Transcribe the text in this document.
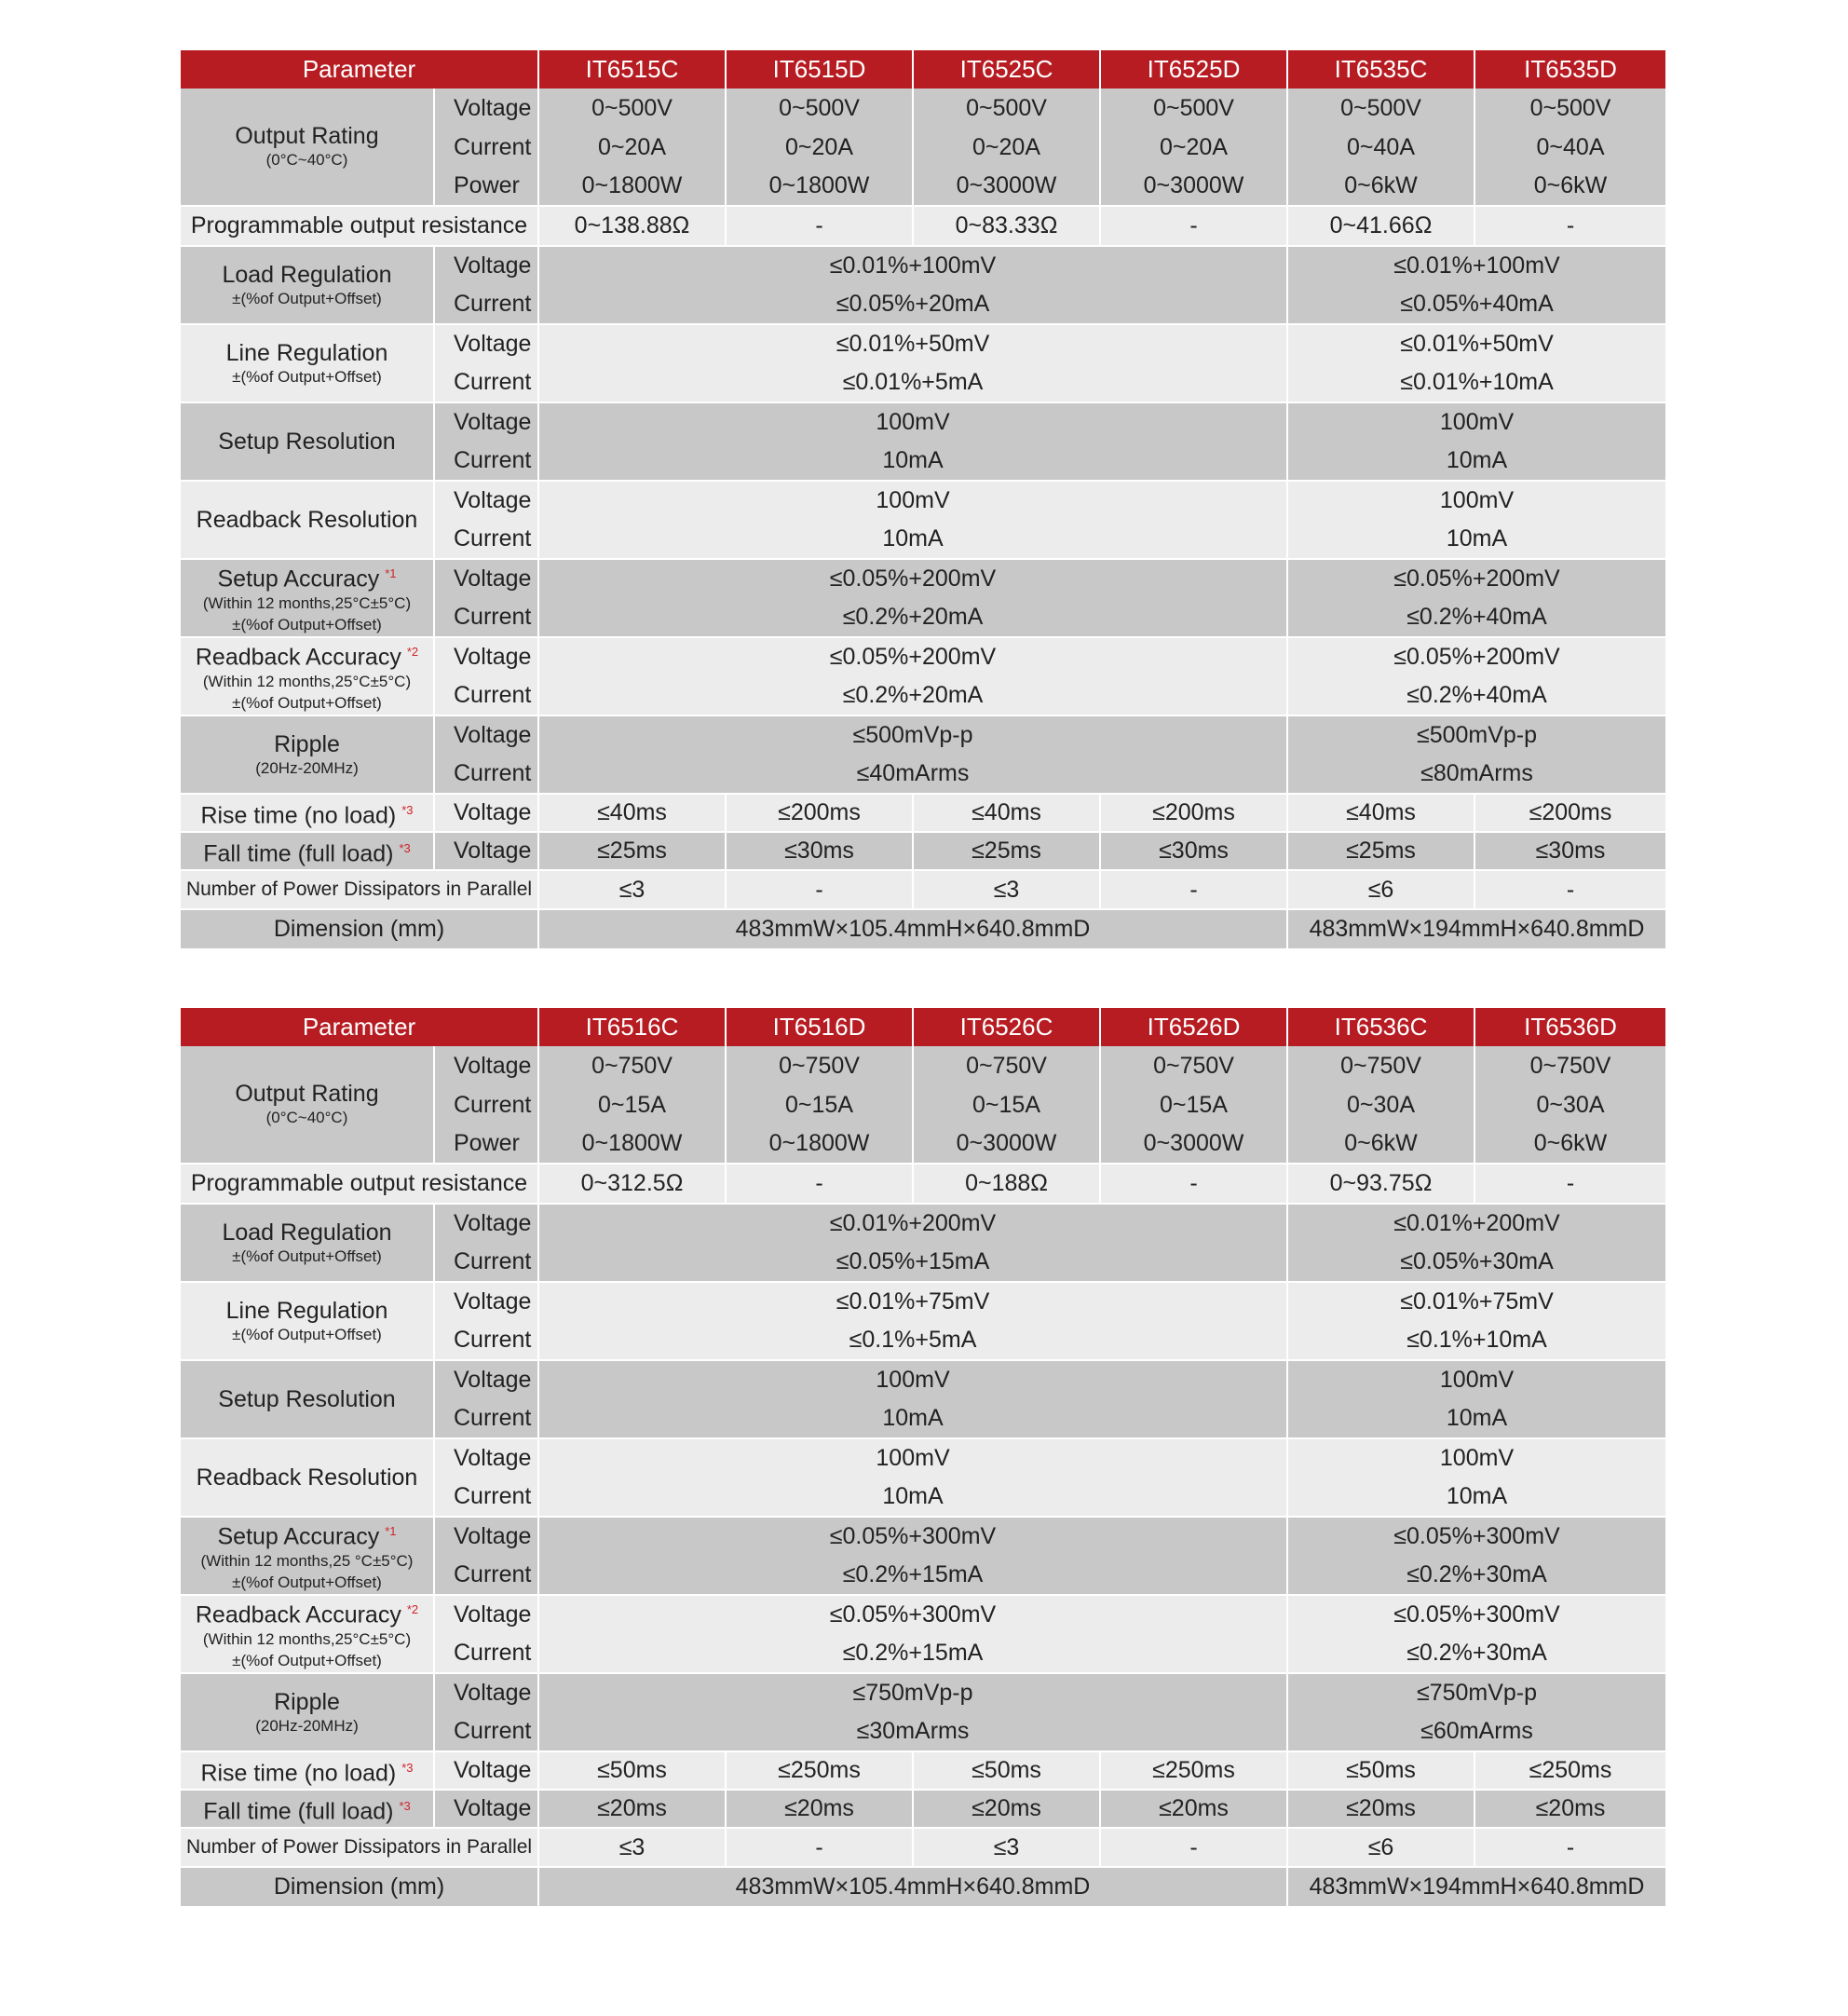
Parameter		IT6515C	IT6515D	IT6525C	IT6525D	IT6535C	IT6535D

Output Rating
(0°C~40°C)	Voltage	0~500V	0~500V	0~500V	0~500V	0~500V	0~500V
	Current	0~20A	0~20A	0~20A	0~20A	0~40A	0~40A
	Power	0~1800W	0~1800W	0~3000W	0~3000W	0~6kW	0~6kW
Programmable output resistance		0~138.88Ω	-	0~83.33Ω	-	0~41.66Ω	-

Load Regulation
±(%of Output+Offset)	Voltage	≤0.01%+100mV				≤0.01%+100mV	
	Current	≤0.05%+20mA				≤0.05%+40mA	

Line Regulation
±(%of Output+Offset)	Voltage	≤0.01%+50mV				≤0.01%+50mV	
	Current	≤0.01%+5mA				≤0.01%+10mA	

Setup Resolution	Voltage	100mV				100mV	
	Current	10mA				10mA	

Readback Resolution	Voltage	100mV				100mV	
	Current	10mA				10mA	

Setup Accuracy $^{*1}$
(Within 12 months,25°C±5°C)
±(%of Output+Offset)	Voltage	≤0.05%+200mV				≤0.05%+200mV	
	Current	≤0.2%+20mA				≤0.2%+40mA	

Readback Accuracy $^{*2}$
(Within 12 months,25°C±5°C)
±(%of Output+Offset)	Voltage	≤0.05%+200mV				≤0.05%+200mV	
	Current	≤0.2%+20mA				≤0.2%+40mA	

Ripple
(20Hz-20MHz)	Voltage	≤500mVp-p				≤500mVp-p	
	Current	≤40mArms				≤80mArms	

Rise time (no load) $^{*3}$	Voltage	≤40ms	≤200ms	≤40ms	≤200ms	≤40ms	≤200ms

Fall time (full load) $^{*3}$	Voltage	≤25ms	≤30ms	≤25ms	≤30ms	≤25ms	≤30ms
Number of Power Dissipators in Parallel		≤3	-	≤3	-	≤6	-
Dimension (mm)		483mmW×105.4mmH×640.8mmD				483mmW×194mmH×640.8mmD	
Parameter		IT6516C	IT6516D	IT6526C	IT6526D	IT6536C	IT6536D

Output Rating
(0°C~40°C)	Voltage	0~750V	0~750V	0~750V	0~750V	0~750V	0~750V
	Current	0~15A	0~15A	0~15A	0~15A	0~30A	0~30A
	Power	0~1800W	0~1800W	0~3000W	0~3000W	0~6kW	0~6kW
Programmable output resistance		0~312.5Ω	-	0~188Ω	-	0~93.75Ω	-

Load Regulation
±(%of Output+Offset)	Voltage	≤0.01%+200mV				≤0.01%+200mV	
	Current	≤0.05%+15mA				≤0.05%+30mA	

Line Regulation
±(%of Output+Offset)	Voltage	≤0.01%+75mV				≤0.01%+75mV	
	Current	≤0.1%+5mA				≤0.1%+10mA	

Setup Resolution	Voltage	100mV				100mV	
	Current	10mA				10mA	

Readback Resolution	Voltage	100mV				100mV	
	Current	10mA				10mA	

Setup Accuracy $^{*1}$
(Within 12 months,25 °C±5°C)
±(%of Output+Offset)	Voltage	≤0.05%+300mV				≤0.05%+300mV	
	Current	≤0.2%+15mA				≤0.2%+30mA	

Readback Accuracy $^{*2}$
(Within 12 months,25°C±5°C)
±(%of Output+Offset)	Voltage	≤0.05%+300mV				≤0.05%+300mV	
	Current	≤0.2%+15mA				≤0.2%+30mA	

Ripple
(20Hz-20MHz)	Voltage	≤750mVp-p				≤750mVp-p	
	Current	≤30mArms				≤60mArms	

Rise time (no load) $^{*3}$	Voltage	≤50ms	≤250ms	≤50ms	≤250ms	≤50ms	≤250ms

Fall time (full load) $^{*3}$	Voltage	≤20ms	≤20ms	≤20ms	≤20ms	≤20ms	≤20ms
Number of Power Dissipators in Parallel		≤3	-	≤3	-	≤6	-
Dimension (mm)		483mmW×105.4mmH×640.8mmD				483mmW×194mmH×640.8mmD	
